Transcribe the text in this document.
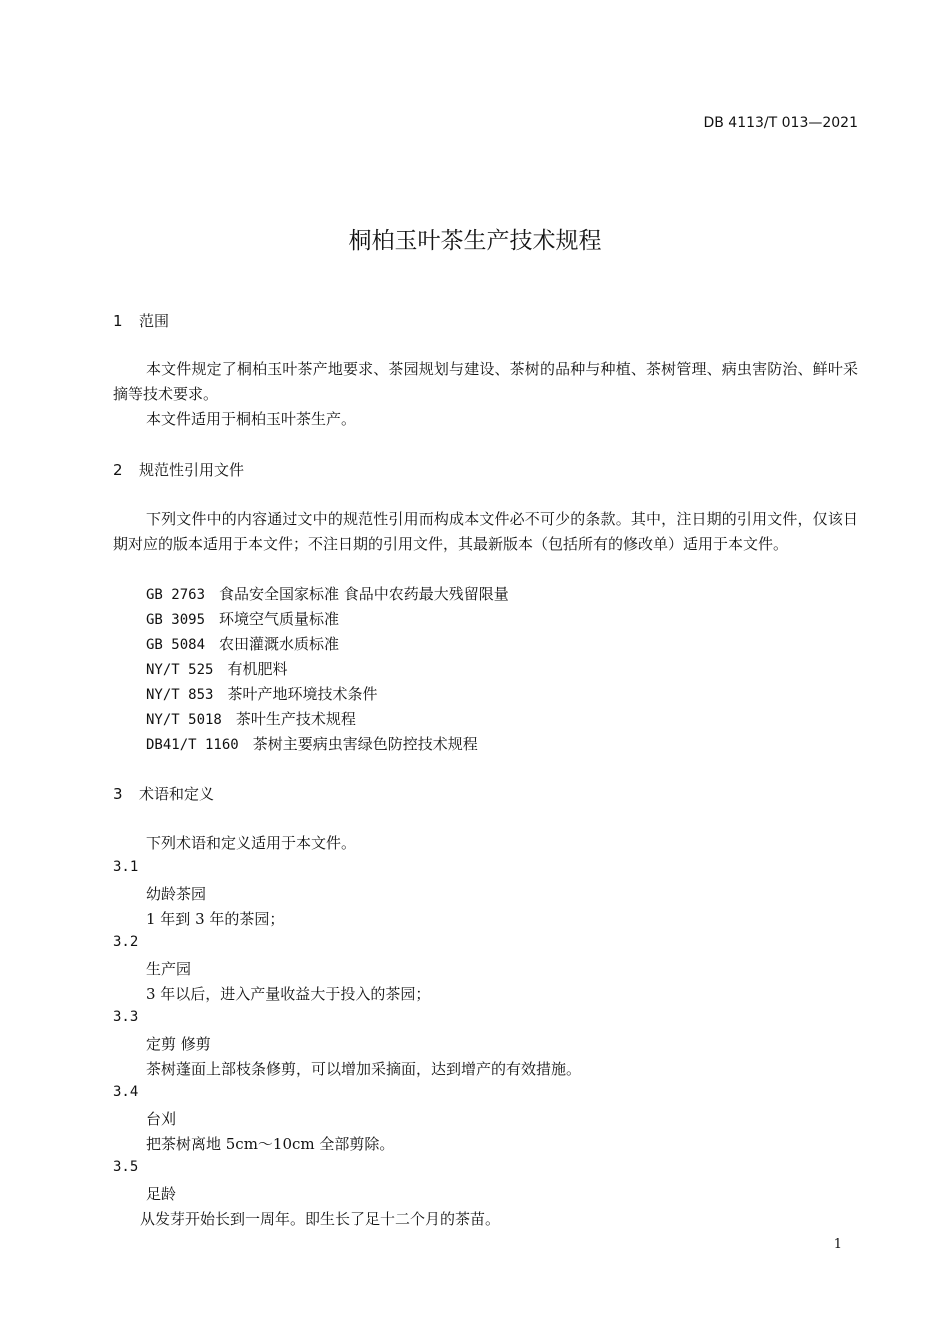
DB 4113/T 013—2021
桐柏玉叶茶生产技术规程
1 范围
本文件规定了桐柏玉叶茶产地要求、茶园规划与建设、茶树的品种与种植、茶树管理、病虫害防治、鲜叶采摘等技术要求。
本文件适用于桐柏玉叶茶生产。
2 规范性引用文件
下列文件中的内容通过文中的规范性引用而构成本文件必不可少的条款。其中，注日期的引用文件，仅该日期对应的版本适用于本文件；不注日期的引用文件，其最新版本（包括所有的修改单）适用于本文件。
GB 2763 食品安全国家标准 食品中农药最大残留限量
GB 3095 环境空气质量标准
GB 5084 农田灌溉水质标准
NY/T 525 有机肥料
NY/T 853 茶叶产地环境技术条件
NY/T 5018 茶叶生产技术规程
DB41/T 1160 茶树主要病虫害绿色防控技术规程
3 术语和定义
下列术语和定义适用于本文件。
3.1
幼龄茶园
1 年到 3 年的茶园；
3.2
生产园
3 年以后，进入产量收益大于投入的茶园；
3.3
定剪 修剪
茶树蓬面上部枝条修剪，可以增加采摘面，达到增产的有效措施。
3.4
台刈
把茶树离地 5cm～10cm 全部剪除。
3.5
足龄
从发芽开始长到一周年。即生长了足十二个月的茶苗。
1
